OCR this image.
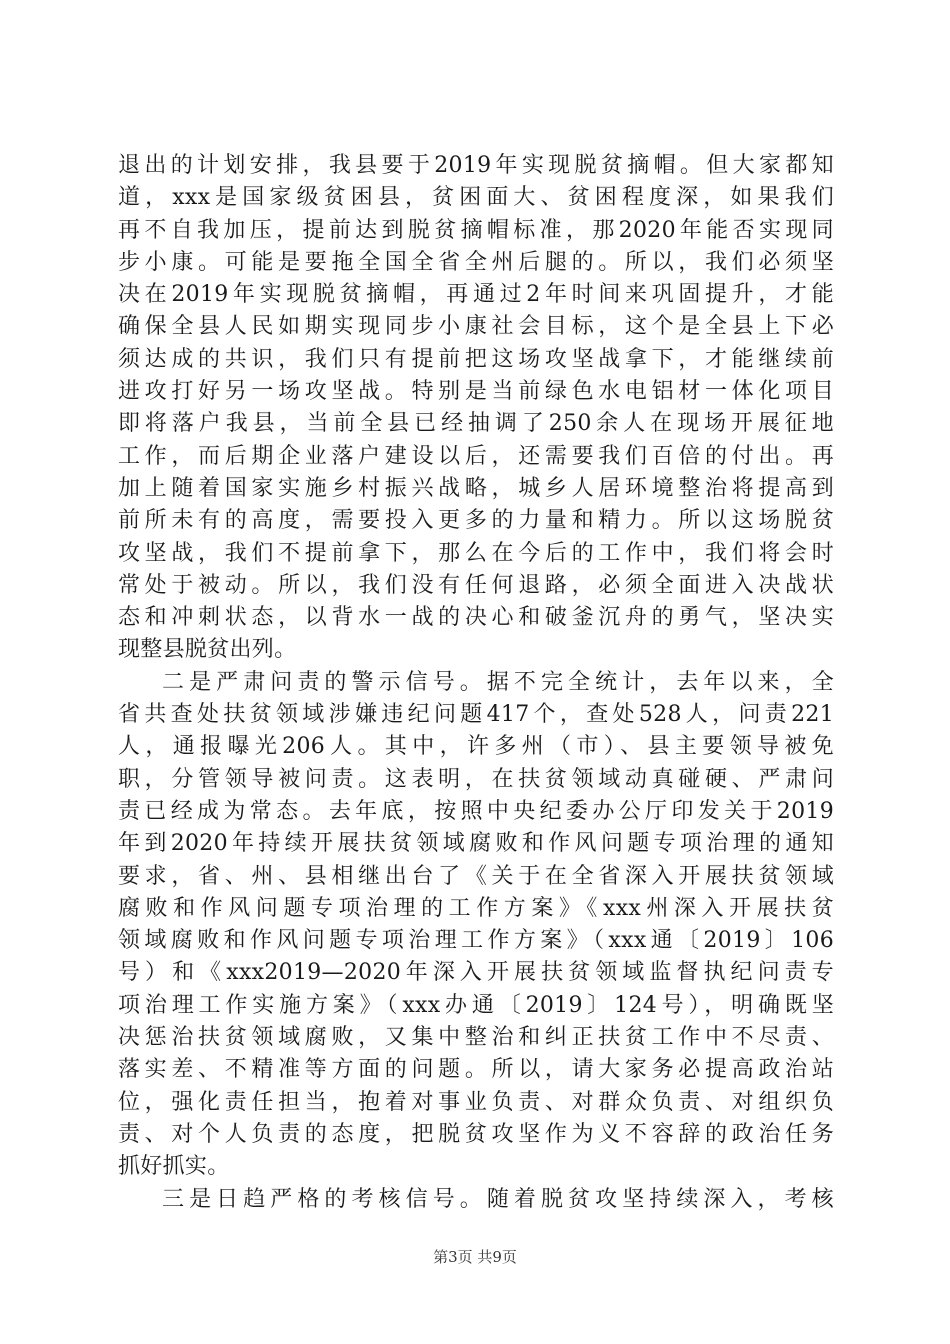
退出的计划安排，我县要于2019年实现脱贫摘帽。但大家都知
道，xxx是国家级贫困县，贫困面大、贫困程度深，如果我们
再不自我加压，提前达到脱贫摘帽标准，那2020年能否实现同
步小康。可能是要拖全国全省全州后腿的。所以，我们必须坚
决在2019年实现脱贫摘帽，再通过2年时间来巩固提升，才能
确保全县人民如期实现同步小康社会目标，这个是全县上下必
须达成的共识，我们只有提前把这场攻坚战拿下，才能继续前
进攻打好另一场攻坚战。特别是当前绿色水电铝材一体化项目
即将落户我县，当前全县已经抽调了250余人在现场开展征地
工作，而后期企业落户建设以后，还需要我们百倍的付出。再
加上随着国家实施乡村振兴战略，城乡人居环境整治将提高到
前所未有的高度，需要投入更多的力量和精力。所以这场脱贫
攻坚战，我们不提前拿下，那么在今后的工作中，我们将会时
常处于被动。所以，我们没有任何退路，必须全面进入决战状
态和冲刺状态，以背水一战的决心和破釜沉舟的勇气，坚决实
现整县脱贫出列。
二是严肃问责的警示信号。据不完全统计，去年以来，全
省共查处扶贫领域涉嫌违纪问题417个，查处528人，问责221
人，通报曝光206人。其中，许多州（市）、县主要领导被免
职，分管领导被问责。这表明，在扶贫领域动真碰硬、严肃问
责已经成为常态。去年底，按照中央纪委办公厅印发关于2019
年到2020年持续开展扶贫领域腐败和作风问题专项治理的通知
要求，省、州、县相继出台了《关于在全省深入开展扶贫领域
腐败和作风问题专项治理的工作方案》《xxx州深入开展扶贫
领域腐败和作风问题专项治理工作方案》（xxx通〔2019〕106
号）和《xxx2019—2020年深入开展扶贫领域监督执纪问责专
项治理工作实施方案》（xxx办通〔2019〕124号），明确既坚
决惩治扶贫领域腐败，又集中整治和纠正扶贫工作中不尽责、
落实差、不精准等方面的问题。所以，请大家务必提高政治站
位，强化责任担当，抱着对事业负责、对群众负责、对组织负
责、对个人负责的态度，把脱贫攻坚作为义不容辞的政治任务
抓好抓实。
三是日趋严格的考核信号。随着脱贫攻坚持续深入，考核
第3页 共9页
